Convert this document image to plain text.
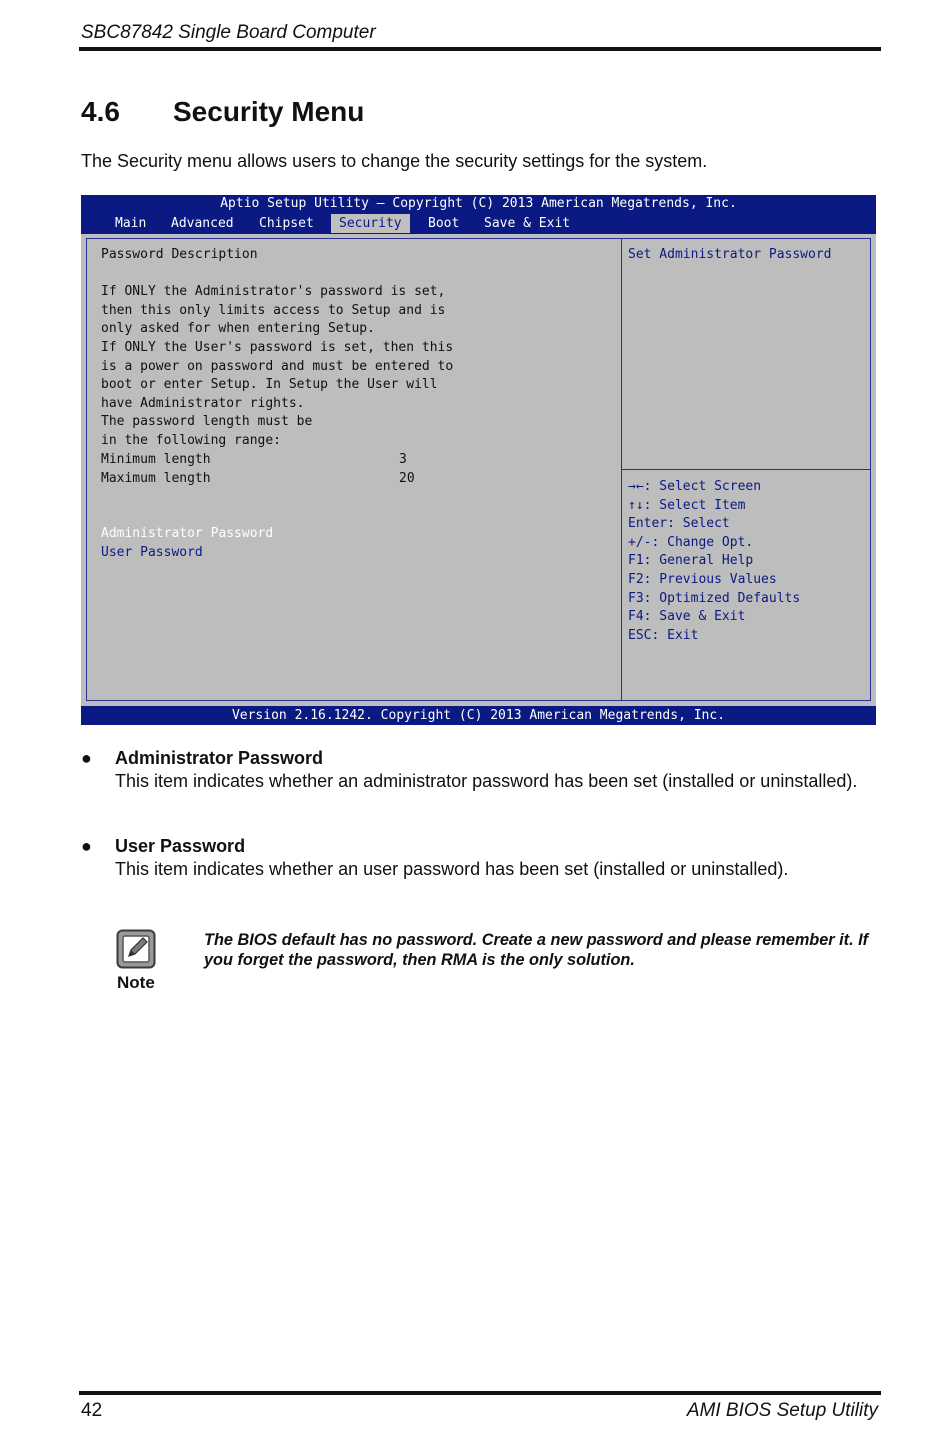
SBC87842 Single Board Computer
4.6 Security Menu
The Security menu allows users to change the security settings for the system.
Aptio Setup Utility – Copyright (C) 2013 American Megatrends, Inc.
Main Advanced Chipset	Security	Boot Save & Exit
Password Description
If ONLY the Administrator's password is set,
then this only limits access to Setup and is
only asked for when entering Setup.
If ONLY the User's password is set, then this
is a power on password and must be entered to
boot or enter Setup. In Setup the User will
have Administrator rights.
The password length must be
in the following range:
Minimum length	3
Maximum length	20
Administrator Password
User Password
Set Administrator Password
→←: Select Screen
↑↓: Select Item
Enter: Select
+/-: Change Opt.
F1: General Help
F2: Previous Values
F3: Optimized Defaults
F4: Save & Exit
ESC: Exit
Version 2.16.1242. Copyright (C) 2013 American Megatrends, Inc.
● Administrator Password
This item indicates whether an administrator password has been set (installed or uninstalled).
● User Password
This item indicates whether an user password has been set (installed or uninstalled).
Note
The BIOS default has no password. Create a new password and please remember it. If you forget the password, then RMA is the only solution.
42	AMI BIOS Setup Utility
